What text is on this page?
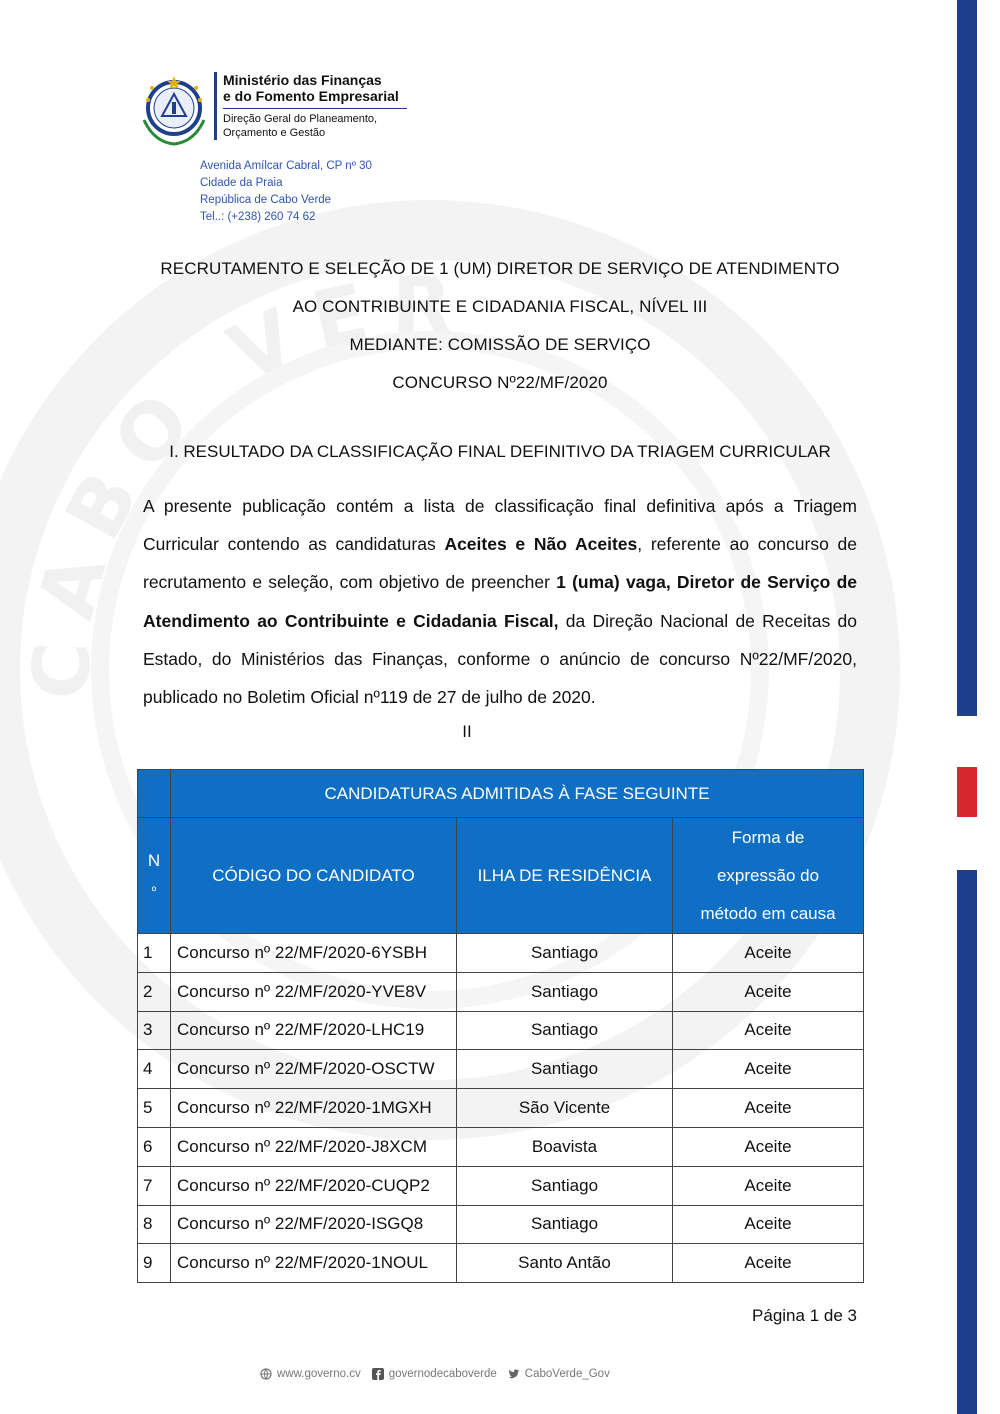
CABO VER
Ministério das Finanças
e do Fomento Empresarial
Direção Geral do Planeamento,
Orçamento e Gestão
Avenida Amílcar Cabral, CP nº 30
Cidade da Praia
República de Cabo Verde
Tel..: (+238) 260 74 62
RECRUTAMENTO E SELEÇÃO DE 1 (UM) DIRETOR DE SERVIÇO DE ATENDIMENTO
AO CONTRIBUINTE E CIDADANIA FISCAL, NÍVEL III
MEDIANTE: COMISSÃO DE SERVIÇO
CONCURSO Nº22/MF/2020
I. RESULTADO DA CLASSIFICAÇÃO FINAL DEFINITIVO DA TRIAGEM CURRICULAR
A presente publicação contém a lista de classificação final definitiva após a Triagem Curricular contendo as candidaturas Aceites e Não Aceites, referente ao concurso de recrutamento e seleção, com objetivo de preencher 1 (uma) vaga, Diretor de Serviço de Atendimento ao Contribuinte e Cidadania Fiscal, da Direção Nacional de Receitas do Estado, do Ministérios das Finanças, conforme o anúncio de concurso Nº22/MF/2020, publicado no Boletim Oficial nº119 de 27 de julho de 2020.
II
	CANDIDATURAS ADMITIDAS À FASE SEGUINTE		

N
º	CÓDIGO DO CANDIDATO	ILHA DE RESIDÊNCIA	Forma de expressão do método em causa
1	Concurso nº 22/MF/2020-6YSBH	Santiago	Aceite
2	Concurso nº 22/MF/2020-YVE8V	Santiago	Aceite
3	Concurso nº 22/MF/2020-LHC19	Santiago	Aceite
4	Concurso nº 22/MF/2020-OSCTW	Santiago	Aceite
5	Concurso nº 22/MF/2020-1MGXH	São Vicente	Aceite
6	Concurso nº 22/MF/2020-J8XCM	Boavista	Aceite
7	Concurso nº 22/MF/2020-CUQP2	Santiago	Aceite
8	Concurso nº 22/MF/2020-ISGQ8	Santiago	Aceite
9	Concurso nº 22/MF/2020-1NOUL	Santo Antão	Aceite
Página 1 de 3
www.governo.cv governodecaboverde CaboVerde_Gov
